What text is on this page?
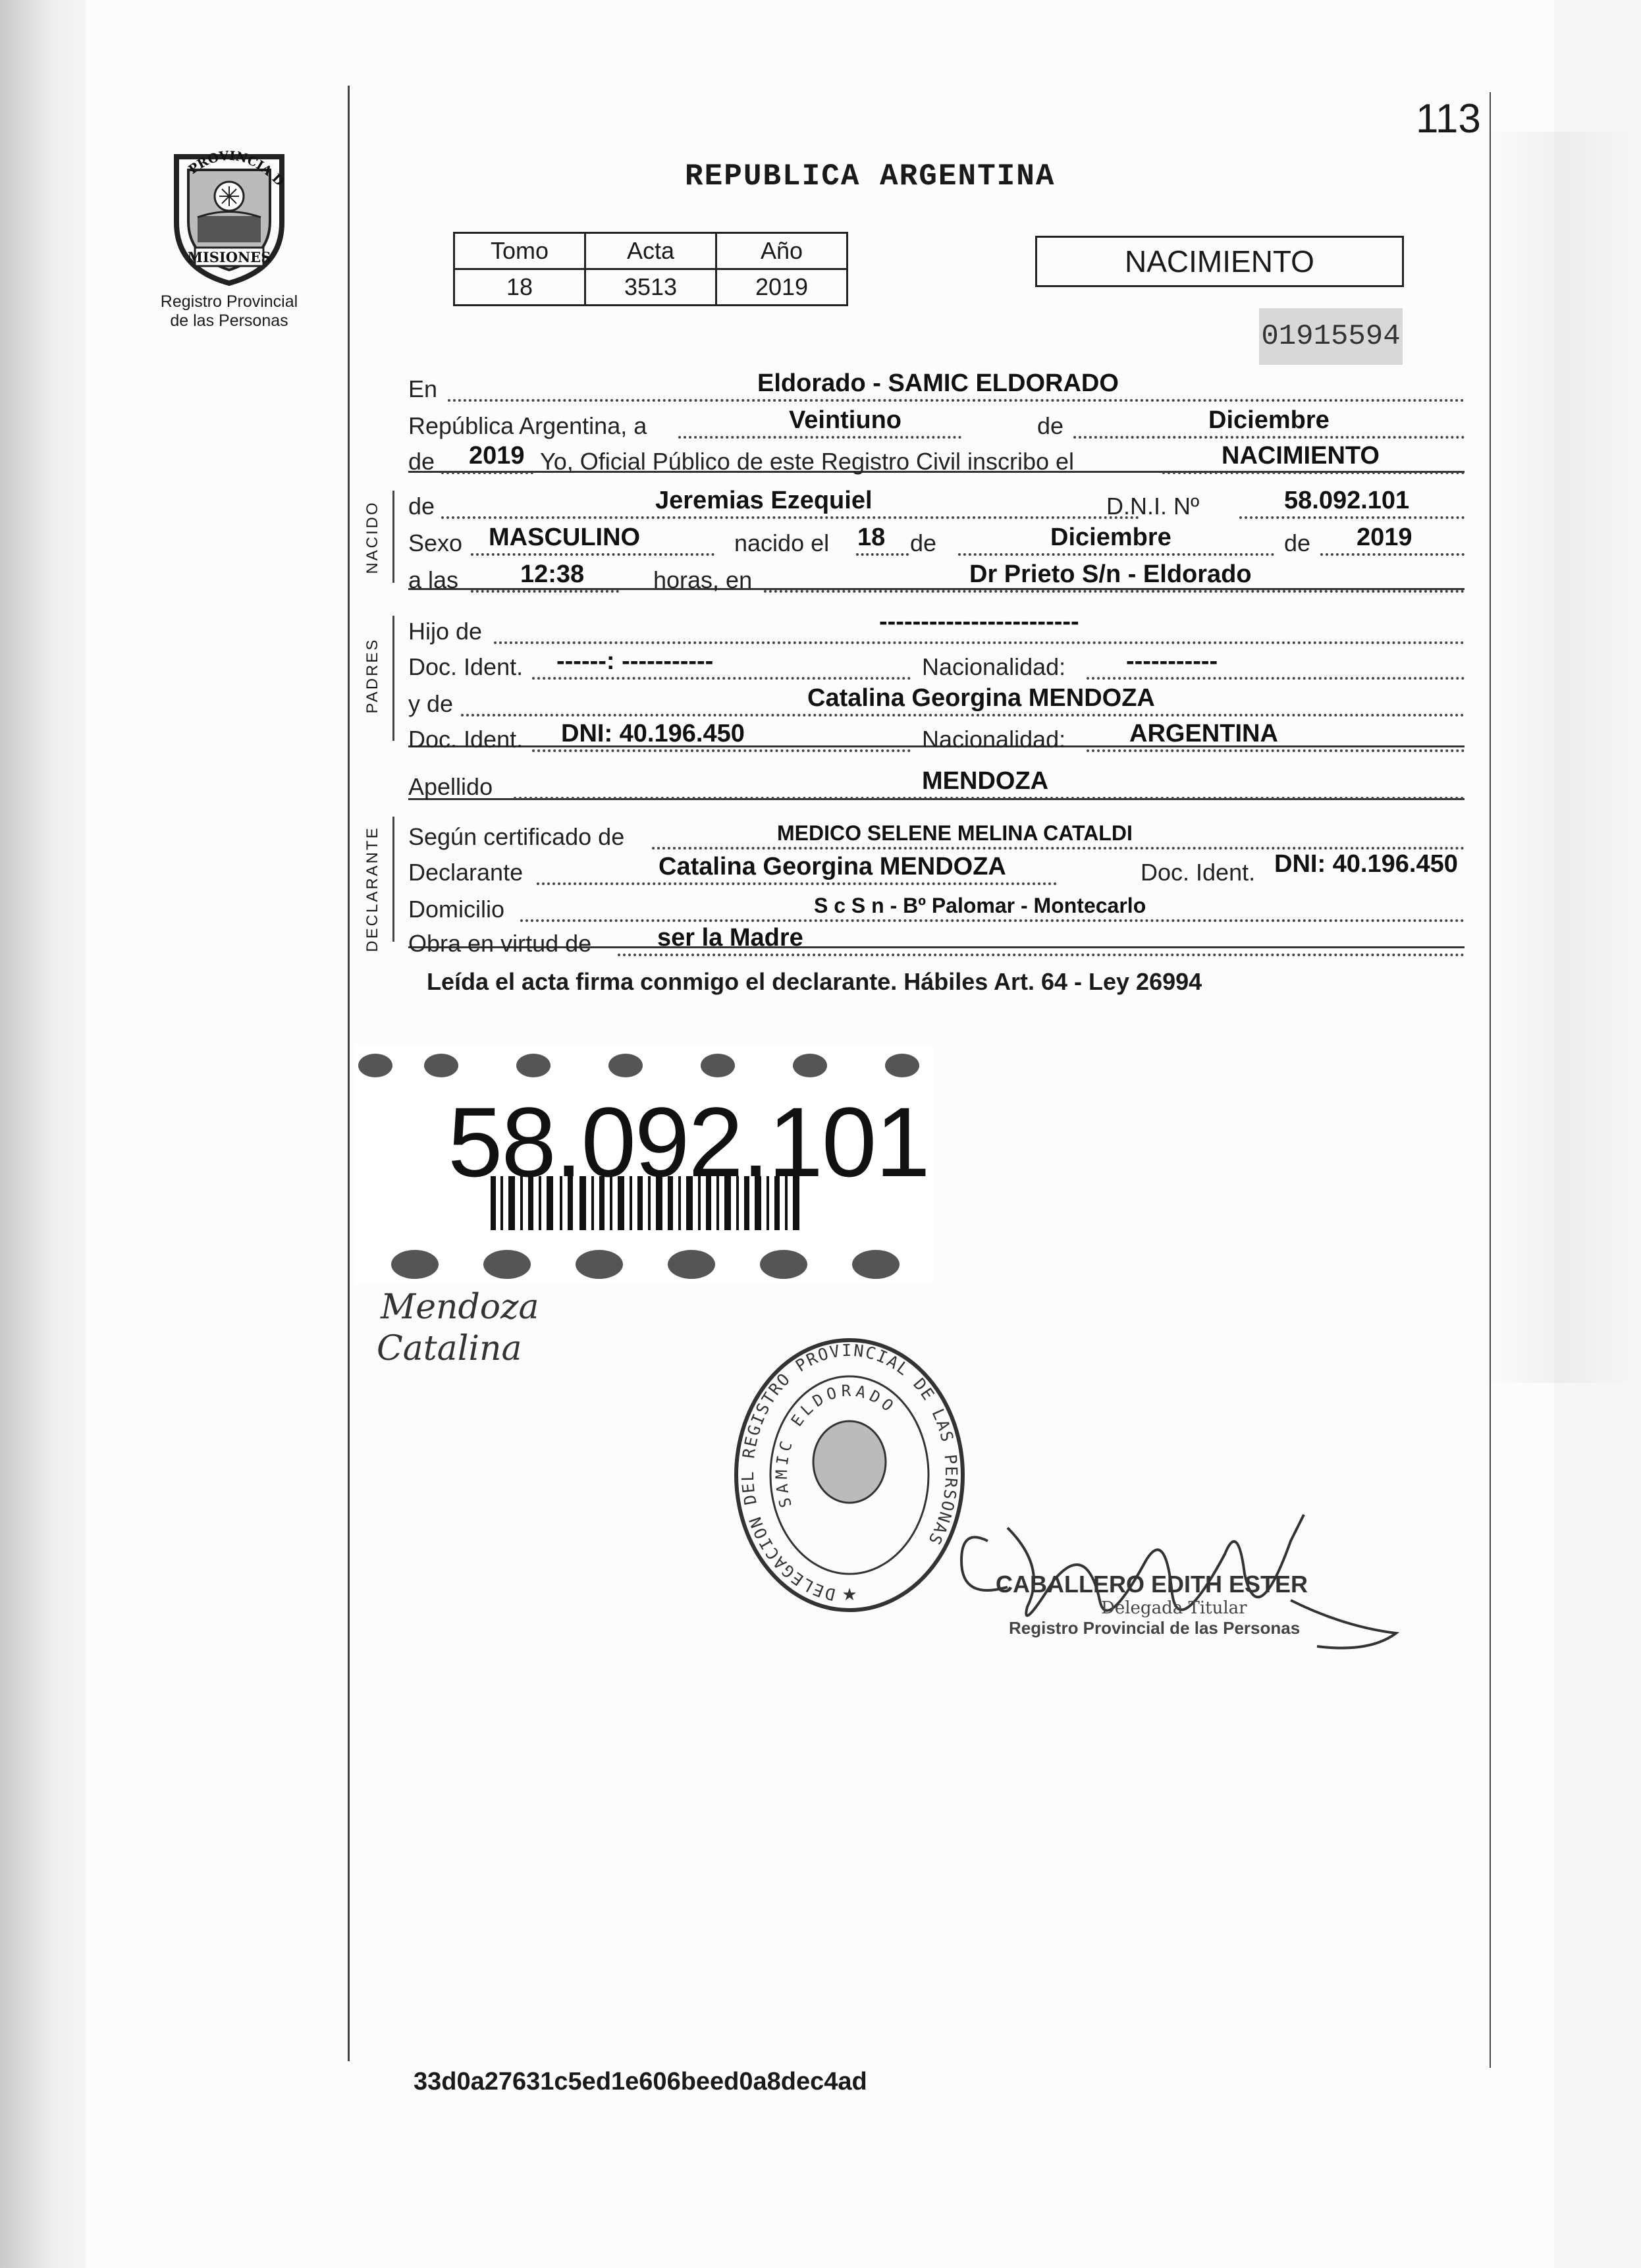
113
PROVINCIA D
MISIONES
Registro Provincial
de las Personas
REPUBLICA ARGENTINA
Tomo	Acta	Año
18	3513	2019
NACIMIENTO
01915594
NACIDO
PADRES
DECLARANTE
En	Eldorado - SAMIC ELDORADO
República Argentina, a	Veintiuno	de	Diciembre
de 2019 Yo, Oficial Público de este Registro Civil inscribo el	NACIMIENTO
de	Jeremias Ezequiel	D.N.I. Nº	58.092.101
Sexo MASCULINO	nacido el 18 de	Diciembre	de 2019
a las 12:38	horas, en	Dr Prieto S/n - Eldorado
Hijo de	------------------------
Doc. Ident. ------: -----------	Nacionalidad: -----------
y de	Catalina Georgina MENDOZA
Doc. Ident. DNI: 40.196.450	Nacionalidad:	ARGENTINA
Apellido	MENDOZA
Según certificado de	MEDICO SELENE MELINA CATALDI
Declarante	Catalina Georgina MENDOZA	Doc. Ident. DNI: 40.196.450
Domicilio	S c S n - Bº Palomar - Montecarlo
Obra en virtud de	ser la Madre
Leída el acta firma conmigo el declarante. Hábiles Art. 64 - Ley 26994
58.092.101
Mendoza
Catalina
DELEGACION DEL REGISTRO PROVINCIAL DE LAS PERSONAS
SAMIC ELDORADO
★	CABALLERO EDITH ESTER
Delegada Titular
Registro Provincial de las Personas
33d0a27631c5ed1e606beed0a8dec4ad
